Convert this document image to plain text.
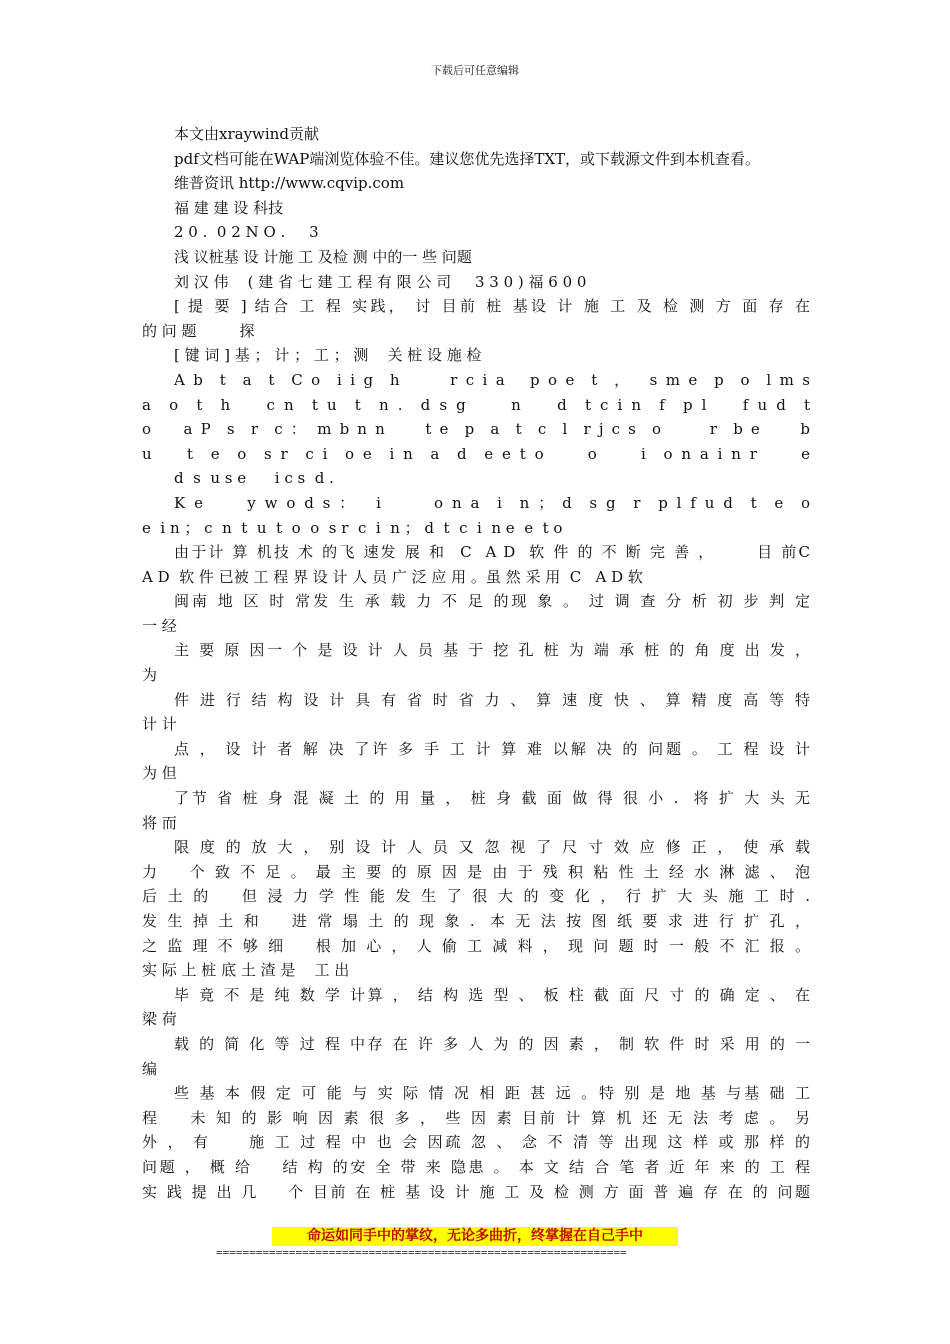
下载后可任意编辑
本文由xraywind贡献
pdf文档可能在WAP端浏览体验不佳。建议您优先选择TXT，或下载源文件到本机查看。
维普资讯 http://www.cqvip.com
福 建 建 设 科技
2 0 .  0 2 N O .     3
浅 议桩基 设 计施 工 及检 测 中的一 些 问题
刘 汉 伟    ( 建 省 七 建 工 程 有 限 公 司     3 3 0 ) 福 6 0 0
[ 提 要 ] 结合 工 程 实践， 讨 目前 桩 基设 计 施 工 及 检 测 方 面 存 在
的 问 题         探
[ 键 词 ] 基 ； 计 ； 工 ； 测    关 桩 设 施 检
A b  t  a  t  C o  i i g  h      r c i a   p o e  t  ，  s m e  p  o  l m s
a  o  t  h    c n  t u  t  n .  d s g     n    d  t c i n  f  p l    f u d  t
o    a P  s  r  c ： m b n n     t e  p  a  t  c  l  r j c s  o      r  b e     b
u    t  e  o  s r  c i  o e  i n  a  d  e e t o     o     i  o n a i n r     e
d  s  u s e      i c s  d .
K e     y w o d s ：  i      o n a  i  n ； d  s g  r  p l f u d  t  e  o
e  i n ； c  n  t  u  t  o  o  s r  c  i  n ； d  t  c  i  n e  e  t o
由于计 算 机技 术 的飞 速发 展 和  C  A D  软 件 的 不 断 完 善 ，      目 前C
A D  软 件 已被 工 程 界 设 计 人 员 广 泛 应 用 。虽 然 采 用  C   A D 软
闽南 地 区 时 常发 生 承 载 力 不 足 的现 象 。 过 调 查 分 析 初 步 判 定
一 经
主 要 原 因一 个 是 设 计 人 员 基 于 挖 孔 桩 为 端 承 桩 的 角 度 出 发 ，
为
件 进 行 结 构 设 计 具 有 省 时 省 力 、 算 速 度 快 、 算 精 度 高 等 特
计 计
点 ， 设 计 者 解 决 了许 多 手 工 计 算 难 以解 决 的 问题 。 工 程 设 计
为 但
了节 省 桩 身 混 凝 土 的 用 量 ， 桩 身 截 面 做 得 很 小 .  将 扩 大 头 无
将 而
限 度 的 放 大 ， 别 设 计 人 员 又 忽 视 了 尺 寸 效 应 修 正 ， 使 承 载
力    个 致 不 足 。 最 主 要 的 原 因 是 由 于 残 积 粘 性 土 经 水 淋 滤 、 泡
后 土 的    但 浸 力 学 性 能 发 生 了 很 大 的 变 化 ， 行 扩 大 头 施 工 时 .
发 生 掉 土 和    进 常 塌 土 的 现 象 .  本 无 法 按 图 纸 要 求 进 行 扩 孔 ，
之 监 理 不 够 细    根 加 心 ， 人 偷 工 减 料 ， 现 问 题 时 一 般 不 汇 报 。
实 际 上 桩 底 土 渣 是    工 出
毕 竟 不 是 纯 数 学 计算 ， 结 构 选 型 、 板 柱 截 面 尺 寸 的 确 定 、 在
梁 荷
载 的 简 化 等 过 程 中存 在 许 多 人 为 的 因 素 ， 制 软 件 时 采 用 的 一
编
些 基 本 假 定 可 能 与 实 际 情 况 相 距 甚 远 。特 别 是 地 基 与基 础 工
程    未 知 的 影 响 因 素 很 多 ， 些 因 素 目前 计 算 机 还 无 法 考 虑 。 另
外 ， 有     施 工 过 程 中 也 会 因疏 忽 、 念 不 清 等 出现 这 样 或 那 样 的
问题 ， 概 给    结 构 的安 全 带 来 隐患 。 本 文 结 合 笔 者 近 年 来 的 工 程
实 践 提 出 几    个 目前 在 桩 基 设 计 施 工 及 检 测 方 面 普 遍 存 在 的 问题
命运如同手中的掌纹，无论多曲折，终掌握在自己手中
==============================================================
